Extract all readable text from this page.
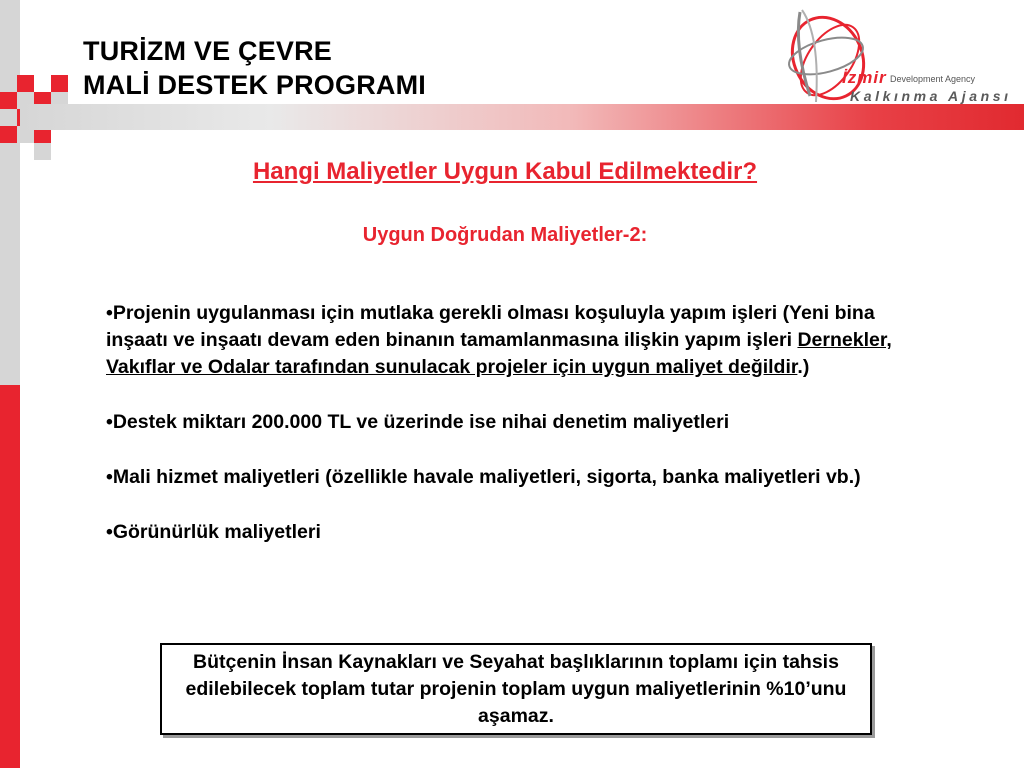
TURİZM VE ÇEVRE
MALİ DESTEK PROGRAMI	İzmir Development Agency
Kalkınma Ajansı
Hangi Maliyetler Uygun Kabul Edilmektedir?
Uygun Doğrudan Maliyetler-2:

•Projenin uygulanması için mutlaka gerekli olması koşuluyla yapım işleri (Yeni bina inşaatı ve inşaatı devam eden binanın tamamlanmasına ilişkin yapım işleri Dernekler, Vakıflar ve Odalar tarafından sunulacak projeler için uygun maliyet değildir.)

•Destek miktarı 200.000 TL ve üzerinde ise nihai denetim maliyetleri

•Mali hizmet maliyetleri (özellikle havale maliyetleri, sigorta, banka maliyetleri vb.)

•Görünürlük maliyetleri

Bütçenin İnsan Kaynakları ve Seyahat başlıklarının toplamı için tahsis edilebilecek toplam tutar projenin toplam uygun maliyetlerinin %10’unu aşamaz.
